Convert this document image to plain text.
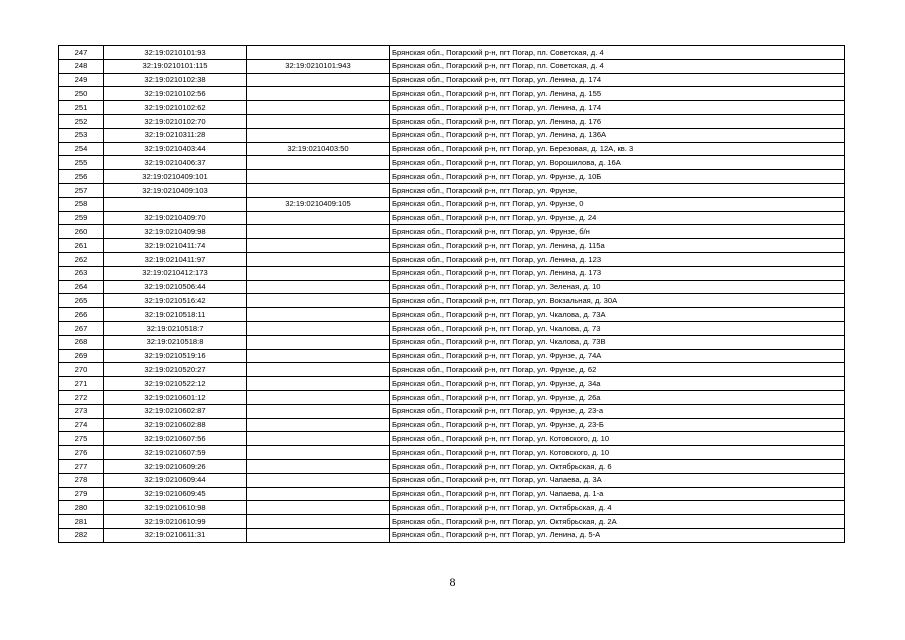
247	32:19:0210101:93		Брянская обл., Погарский р-н, пгт Погар, пл. Советская, д. 4
248	32:19:0210101:115	32:19:0210101:943	Брянская обл., Погарский р-н, пгт Погар, пл. Советская, д. 4
249	32:19:0210102:38		Брянская обл., Погарский р-н, пгт Погар, ул. Ленина, д. 174
250	32:19:0210102:56		Брянская обл., Погарский р-н, пгт Погар, ул. Ленина, д. 155
251	32:19:0210102:62		Брянская обл., Погарский р-н, пгт Погар, ул. Ленина, д. 174
252	32:19:0210102:70		Брянская обл., Погарский р-н, пгт Погар, ул. Ленина, д. 176
253	32:19:0210311:28		Брянская обл., Погарский р-н, пгт Погар, ул. Ленина, д. 136А
254	32:19:0210403:44	32:19:0210403:50	Брянская обл., Погарский р-н, пгт Погар, ул. Березовая, д. 12А, кв. 3
255	32:19:0210406:37		Брянская обл., Погарский р-н, пгт Погар, ул. Ворошилова, д. 16А
256	32:19:0210409:101		Брянская обл., Погарский р-н, пгт Погар, ул. Фрунзе, д. 10Б
257	32:19:0210409:103		Брянская обл., Погарский р-н, пгт Погар, ул. Фрунзе,
258		32:19:0210409:105	Брянская обл., Погарский р-н, пгт Погар, ул. Фрунзе, 0
259	32:19:0210409:70		Брянская обл., Погарский р-н, пгт Погар, ул. Фрунзе, д. 24
260	32:19:0210409:98		Брянская обл., Погарский р-н, пгт Погар, ул. Фрунзе, б/н
261	32:19:0210411:74		Брянская обл., Погарский р-н, пгт Погар, ул. Ленина, д. 115а
262	32:19:0210411:97		Брянская обл., Погарский р-н, пгт Погар, ул. Ленина, д. 123
263	32:19:0210412:173		Брянская обл., Погарский р-н, пгт Погар, ул. Ленина, д. 173
264	32:19:0210506:44		Брянская обл., Погарский р-н, пгт Погар, ул. Зеленая, д. 10
265	32:19:0210516:42		Брянская обл., Погарский р-н, пгт Погар, ул. Вокзальная, д. 30А
266	32:19:0210518:11		Брянская обл., Погарский р-н, пгт Погар, ул. Чкалова, д. 73А
267	32:19:0210518:7		Брянская обл., Погарский р-н, пгт Погар, ул. Чкалова, д. 73
268	32:19:0210518:8		Брянская обл., Погарский р-н, пгт Погар, ул. Чкалова, д. 73В
269	32:19:0210519:16		Брянская обл., Погарский р-н, пгт Погар, ул. Фрунзе, д. 74А
270	32:19:0210520:27		Брянская обл., Погарский р-н, пгт Погар, ул. Фрунзе, д. 62
271	32:19:0210522:12		Брянская обл., Погарский р-н, пгт Погар, ул. Фрунзе, д. 34а
272	32:19:0210601:12		Брянская обл., Погарский р-н, пгт Погар, ул. Фрунзе, д. 26а
273	32:19:0210602:87		Брянская обл., Погарский р-н, пгт Погар, ул. Фрунзе, д. 23-а
274	32:19:0210602:88		Брянская обл., Погарский р-н, пгт Погар, ул. Фрунзе, д. 23-Б
275	32:19:0210607:56		Брянская обл., Погарский р-н, пгт Погар, ул. Котовского, д. 10
276	32:19:0210607:59		Брянская обл., Погарский р-н, пгт Погар, ул. Котовского, д. 10
277	32:19:0210609:26		Брянская обл., Погарский р-н, пгт Погар, ул. Октябрьская, д. 6
278	32:19:0210609:44		Брянская обл., Погарский р-н, пгт Погар, ул. Чапаева, д. 3А
279	32:19:0210609:45		Брянская обл., Погарский р-н, пгт Погар, ул. Чапаева, д. 1-а
280	32:19:0210610:98		Брянская обл., Погарский р-н, пгт Погар, ул. Октябрьская, д. 4
281	32:19:0210610:99		Брянская обл., Погарский р-н, пгт Погар, ул. Октябрьская, д. 2А
282	32:19:0210611:31		Брянская обл., Погарский р-н, пгт Погар, ул. Ленина, д. 5-А
8
